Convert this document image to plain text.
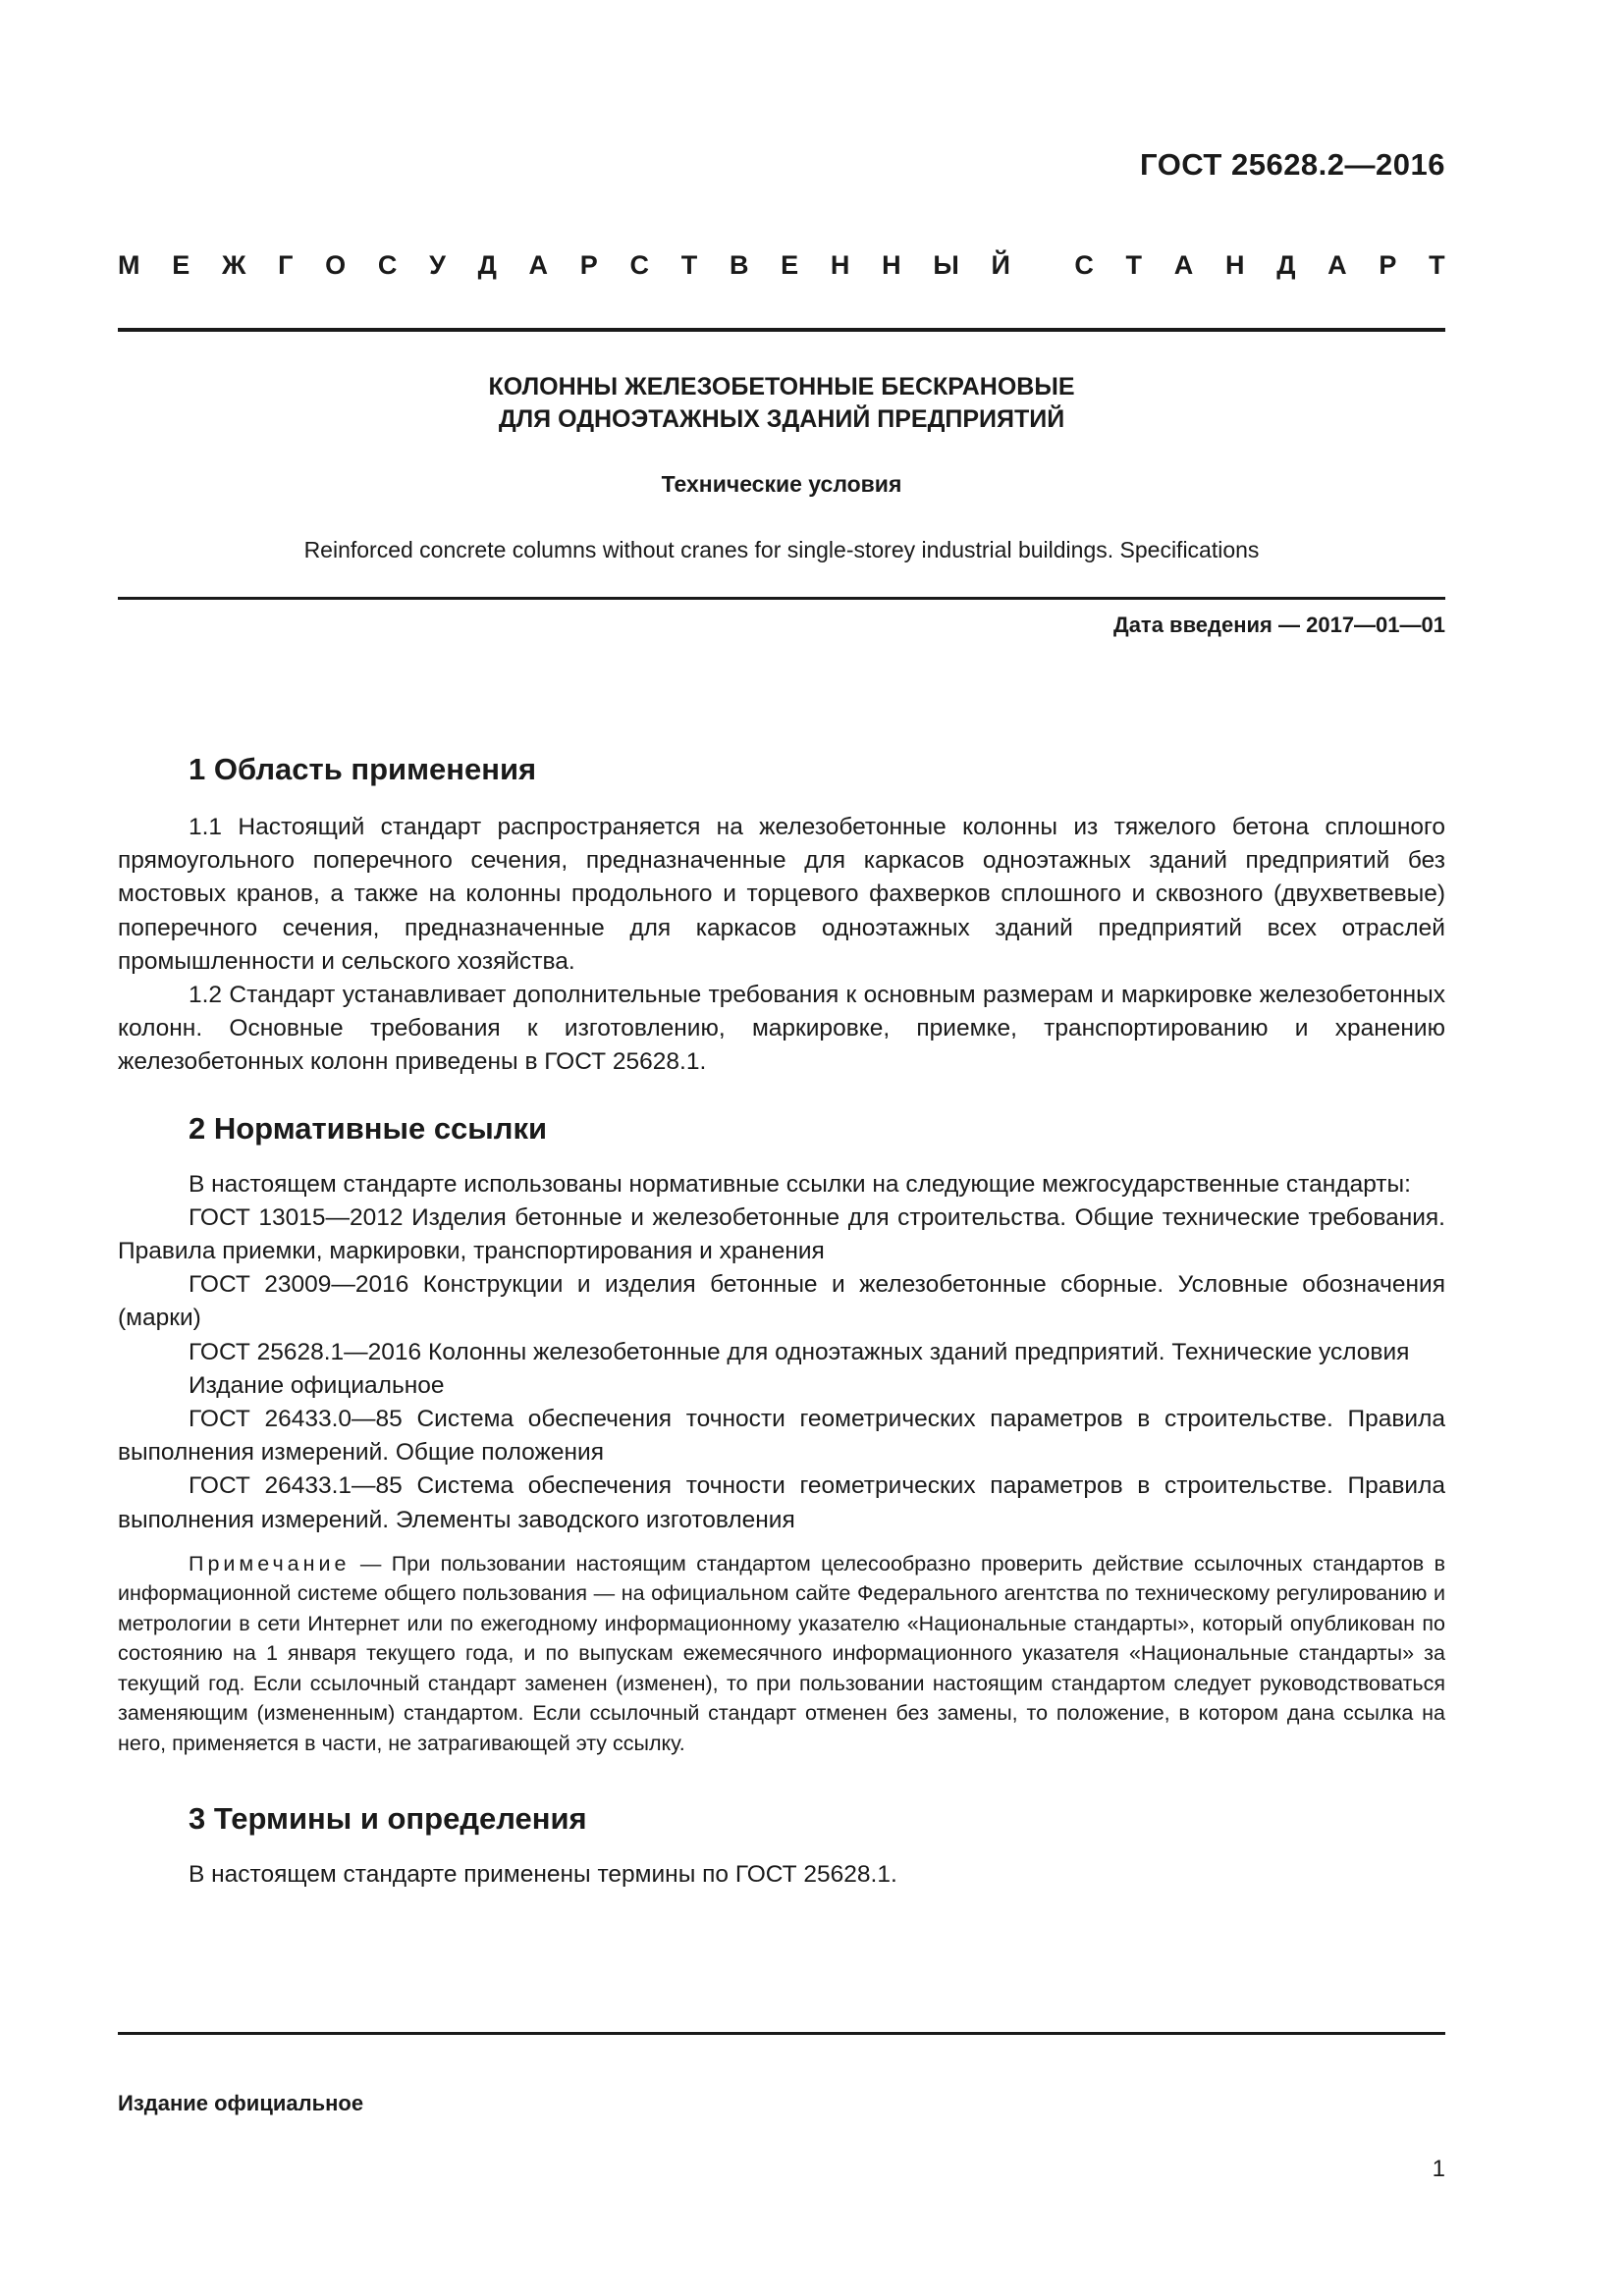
ГОСТ 25628.2—2016
М Е Ж Г О С У Д А Р С Т В Е Н Н Ы Й С Т А Н Д А Р Т
КОЛОННЫ ЖЕЛЕЗОБЕТОННЫЕ БЕСКРАНОВЫЕ
ДЛЯ ОДНОЭТАЖНЫХ ЗДАНИЙ ПРЕДПРИЯТИЙ
Технические условия
Reinforced concrete columns without cranes for single-storey industrial buildings. Specifications
Дата введения — 2017—01—01
1 Область применения

1.1 Настоящий стандарт распространяется на железобетонные колонны из тяжелого бетона сплошного прямоугольного поперечного сечения, предназначенные для каркасов одноэтажных зданий предприятий без мостовых кранов, а также на колонны продольного и торцевого фахверков сплошного и сквозного (двухветвевые) поперечного сечения, предназначенные для каркасов одноэтажных зданий предприятий всех отраслей промышленности и сельского хозяйства.

1.2 Стандарт устанавливает дополнительные требования к основным размерам и маркировке железобетонных колонн. Основные требования к изготовлению, маркировке, приемке, транспортированию и хранению железобетонных колонн приведены в ГОСТ 25628.1.

2 Нормативные ссылки

В настоящем стандарте использованы нормативные ссылки на следующие межгосударственные стандарты:

ГОСТ 13015—2012 Изделия бетонные и железобетонные для строительства. Общие технические требования. Правила приемки, маркировки, транспортирования и хранения

ГОСТ 23009—2016 Конструкции и изделия бетонные и железобетонные сборные. Условные обозначения (марки)

ГОСТ 25628.1—2016 Колонны железобетонные для одноэтажных зданий предприятий. Технические условия

Издание официальное

ГОСТ 26433.0—85 Система обеспечения точности геометрических параметров в строительстве. Правила выполнения измерений. Общие положения

ГОСТ 26433.1—85 Система обеспечения точности геометрических параметров в строительстве. Правила выполнения измерений. Элементы заводского изготовления

Примечание — При пользовании настоящим стандартом целесообразно проверить действие ссылочных стандартов в информационной системе общего пользования — на официальном сайте Федерального агентства по техническому регулированию и метрологии в сети Интернет или по ежегодному информационному указателю «Национальные стандарты», который опубликован по состоянию на 1 января текущего года, и по выпускам ежемесячного информационного указателя «Национальные стандарты» за текущий год. Если ссылочный стандарт заменен (изменен), то при пользовании настоящим стандартом следует руководствоваться заменяющим (измененным) стандартом. Если ссылочный стандарт отменен без замены, то положение, в котором дана ссылка на него, применяется в части, не затрагивающей эту ссылку.

3 Термины и определения

В настоящем стандарте применены термины по ГОСТ 25628.1.

Издание официальное
1
